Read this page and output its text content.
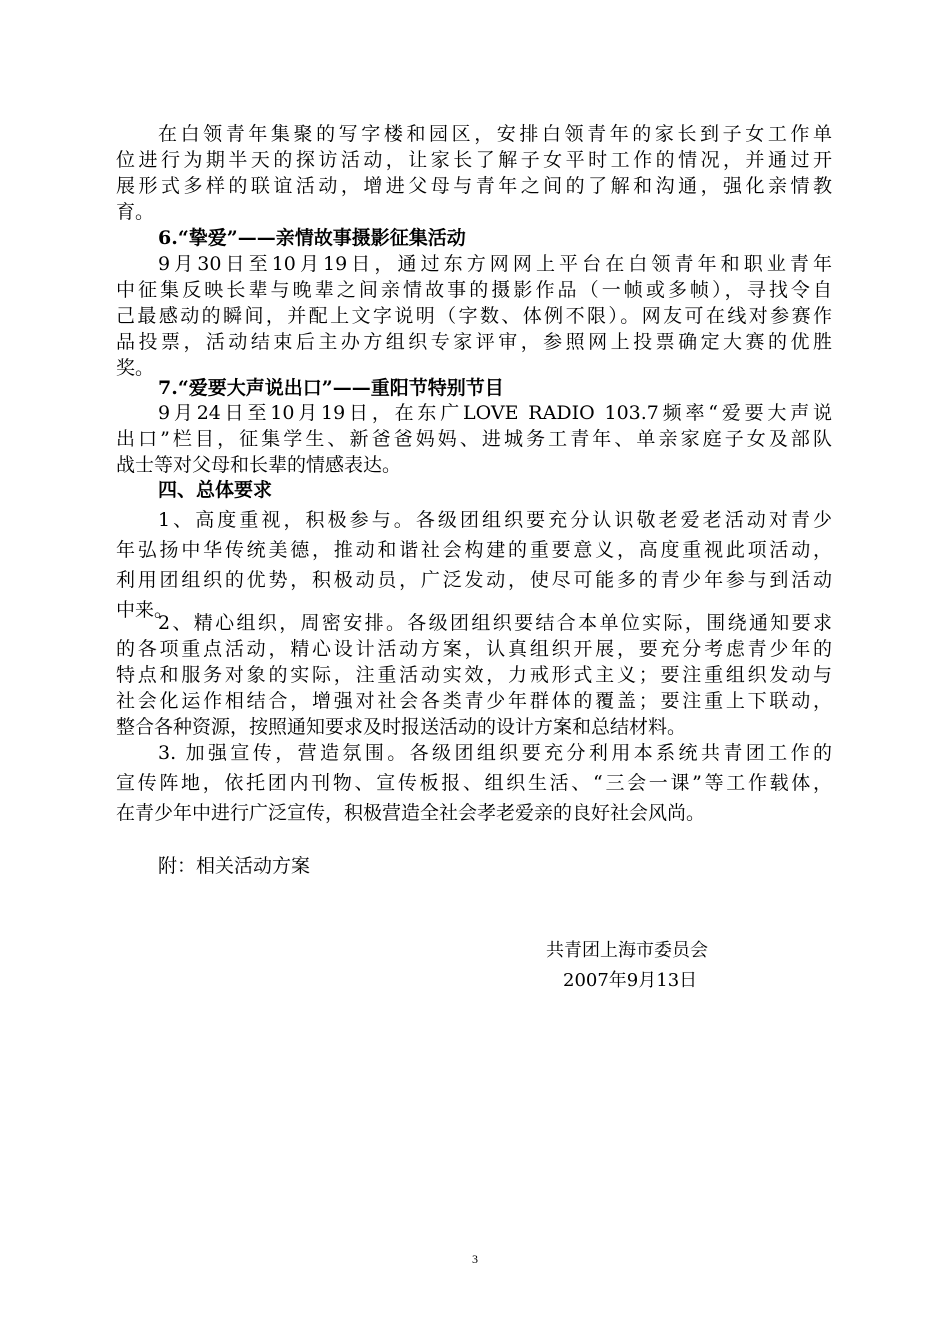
在白领青年集聚的写字楼和园区，安排白领青年的家长到子女工作单
位进行为期半天的探访活动，让家长了解子女平时工作的情况，并通过开
展形式多样的联谊活动，增进父母与青年之间的了解和沟通，强化亲情教
育。
6.“挚爱”——亲情故事摄影征集活动
9月30日至10月19日，通过东方网网上平台在白领青年和职业青年
中征集反映长辈与晚辈之间亲情故事的摄影作品（一帧或多帧），寻找令自
己最感动的瞬间，并配上文字说明（字数、体例不限）。网友可在线对参赛作
品投票，活动结束后主办方组织专家评审，参照网上投票确定大赛的优胜
奖。
7.“爱要大声说出口”——重阳节特别节目
9月24日至10月19日，在东广LOVE RADIO 103.7频率“爱要大声说
出口”栏目，征集学生、新爸爸妈妈、进城务工青年、单亲家庭子女及部队
战士等对父母和长辈的情感表达。
四、总体要求
1、高度重视，积极参与。各级团组织要充分认识敬老爱老活动对青少
年弘扬中华传统美德，推动和谐社会构建的重要意义，高度重视此项活动，
利用团组织的优势，积极动员，广泛发动，使尽可能多的青少年参与到活动
中来。
2、精心组织，周密安排。各级团组织要结合本单位实际，围绕通知要求
的各项重点活动，精心设计活动方案，认真组织开展，要充分考虑青少年的
特点和服务对象的实际，注重活动实效，力戒形式主义；要注重组织发动与
社会化运作相结合，增强对社会各类青少年群体的覆盖；要注重上下联动，
整合各种资源，按照通知要求及时报送活动的设计方案和总结材料。
3. 加强宣传，营造氛围。各级团组织要充分利用本系统共青团工作的
宣传阵地，依托团内刊物、宣传板报、组织生活、“三会一课”等工作载体，
在青少年中进行广泛宣传，积极营造全社会孝老爱亲的良好社会风尚。
附：相关活动方案
共青团上海市委员会
2007年9月13日
3
